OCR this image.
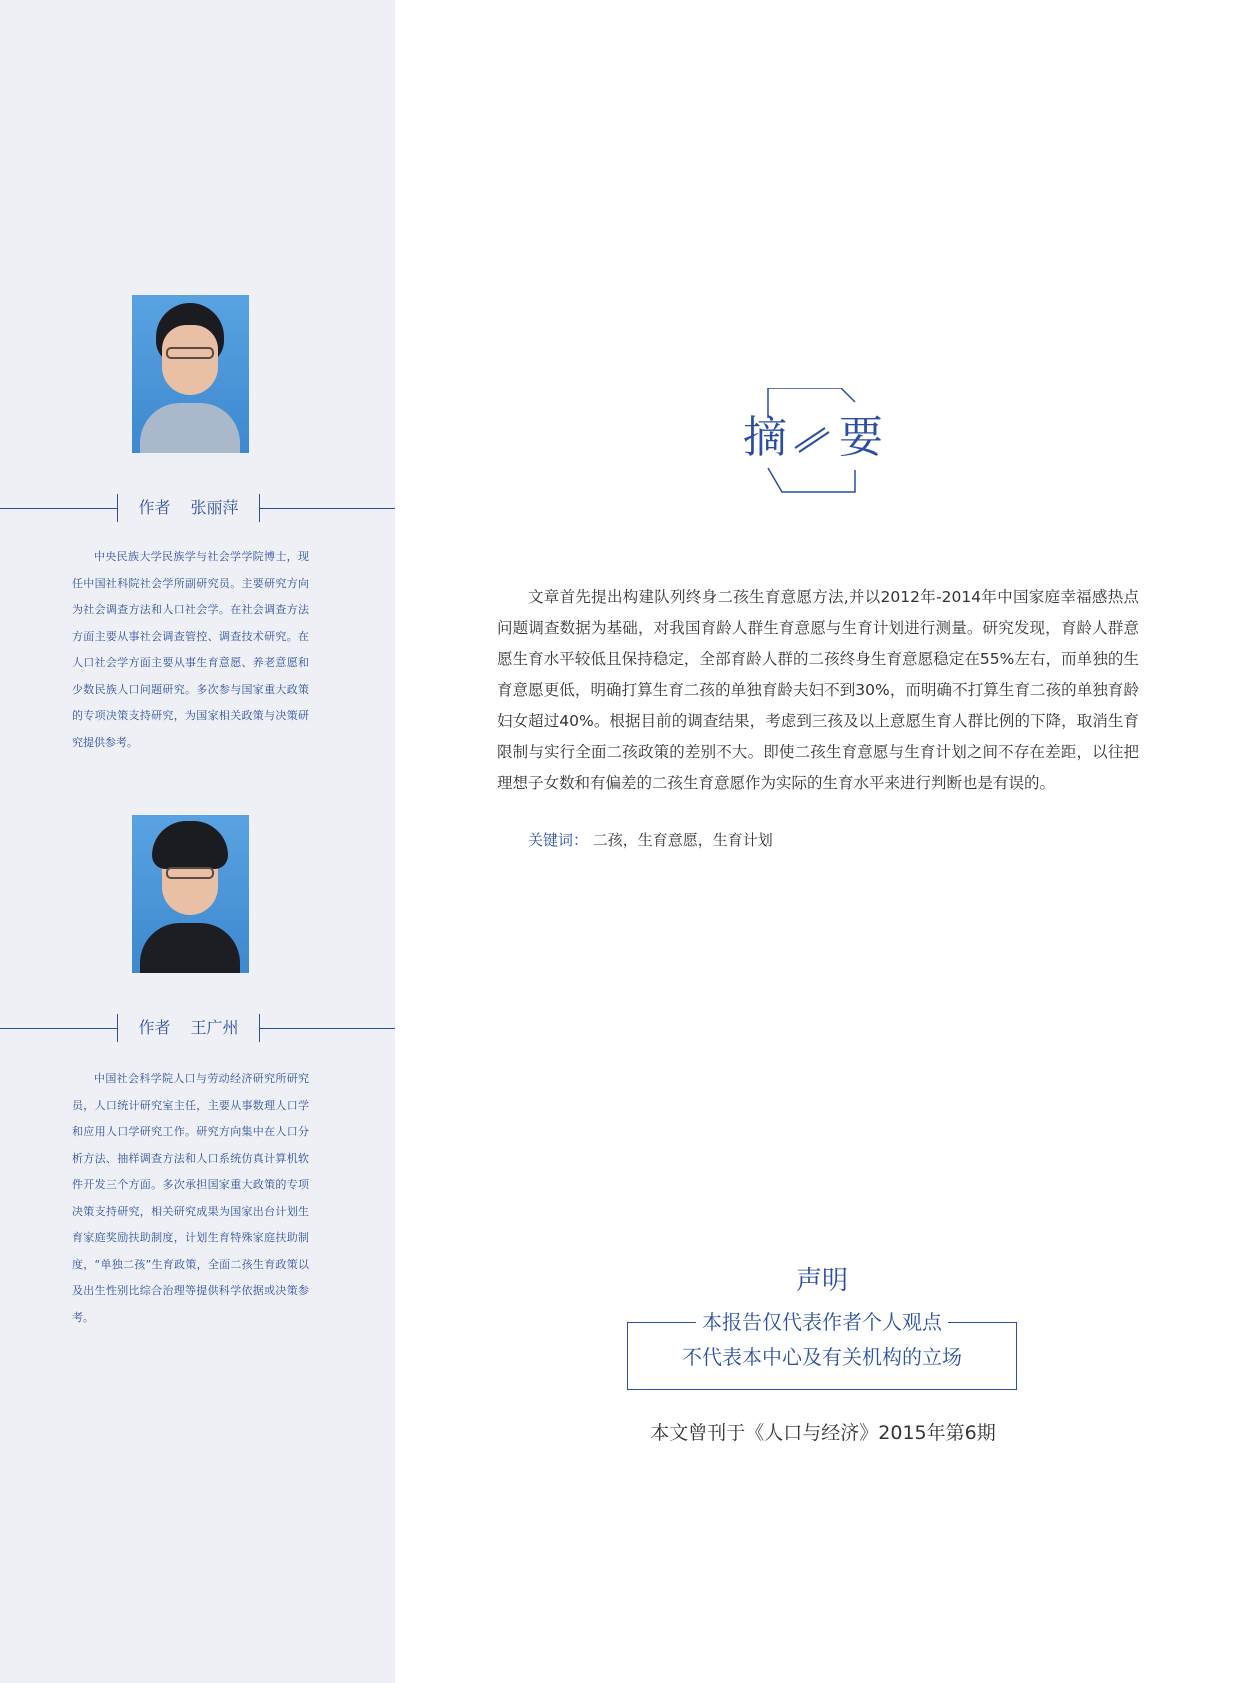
作者 张丽萍
中央民族大学民族学与社会学学院博士，现任中国社科院社会学所副研究员。主要研究方向为社会调查方法和人口社会学。在社会调查方法方面主要从事社会调查管控、调查技术研究。在人口社会学方面主要从事生育意愿、养老意愿和少数民族人口问题研究。多次参与国家重大政策的专项决策支持研究，为国家相关政策与决策研究提供参考。
作者 王广州
中国社会科学院人口与劳动经济研究所研究员，人口统计研究室主任，主要从事数理人口学和应用人口学研究工作。研究方向集中在人口分析方法、抽样调查方法和人口系统仿真计算机软件开发三个方面。多次承担国家重大政策的专项决策支持研究，相关研究成果为国家出台计划生育家庭奖励扶助制度，计划生育特殊家庭扶助制度，“单独二孩”生育政策，全面二孩生育政策以及出生性别比综合治理等提供科学依据或决策参考。
摘 要

文章首先提出构建队列终身二孩生育意愿方法,并以2012年-2014年中国家庭幸福感热点问题调查数据为基础，对我国育龄人群生育意愿与生育计划进行测量。研究发现，育龄人群意愿生育水平较低且保持稳定，全部育龄人群的二孩终身生育意愿稳定在55%左右，而单独的生育意愿更低，明确打算生育二孩的单独育龄夫妇不到30%，而明确不打算生育二孩的单独育龄妇女超过40%。根据目前的调查结果，考虑到三孩及以上意愿生育人群比例的下降，取消生育限制与实行全面二孩政策的差别不大。即使二孩生育意愿与生育计划之间不存在差距，以往把理想子女数和有偏差的二孩生育意愿作为实际的生育水平来进行判断也是有误的。

关键词： 二孩，生育意愿，生育计划
声明
本报告仅代表作者个人观点
不代表本中心及有关机构的立场
本文曾刊于《人口与经济》2015年第6期
